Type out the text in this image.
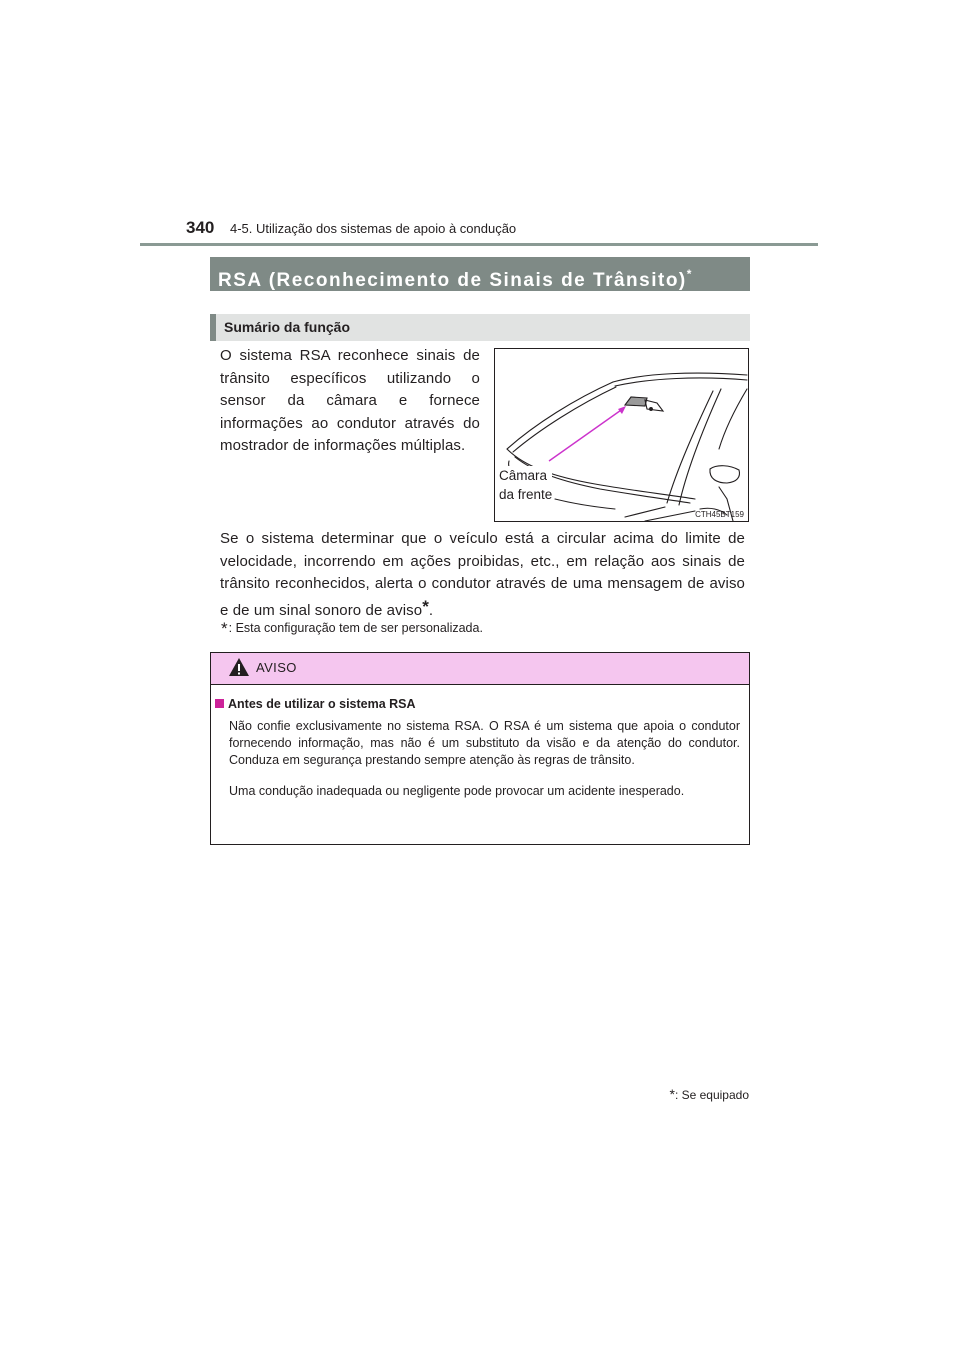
340 4-5. Utilização dos sistemas de apoio à condução
RSA (Reconhecimento de Sinais de Trânsito)*
Sumário da função
O sistema RSA reconhece sinais de trânsito específicos utilizando o sensor da câmara e fornece informações ao condutor através do mostrador de informações múltiplas.
Câmara
da frente
CTH45BT159
Se o sistema determinar que o veículo está a circular acima do limite de velocidade, incorrendo em ações proibidas, etc., em relação aos sinais de trânsito reconhecidos, alerta o condutor através de uma mensagem de aviso e de um sinal sonoro de aviso*.
*: Esta configuração tem de ser personalizada.
AVISO
Antes de utilizar o sistema RSA
Não confie exclusivamente no sistema RSA. O RSA é um sistema que apoia o condutor fornecendo informação, mas não é um substituto da visão e da atenção do condutor. Conduza em segurança prestando sempre atenção às regras de trânsito.
Uma condução inadequada ou negligente pode provocar um acidente inesperado.
*: Se equipado
